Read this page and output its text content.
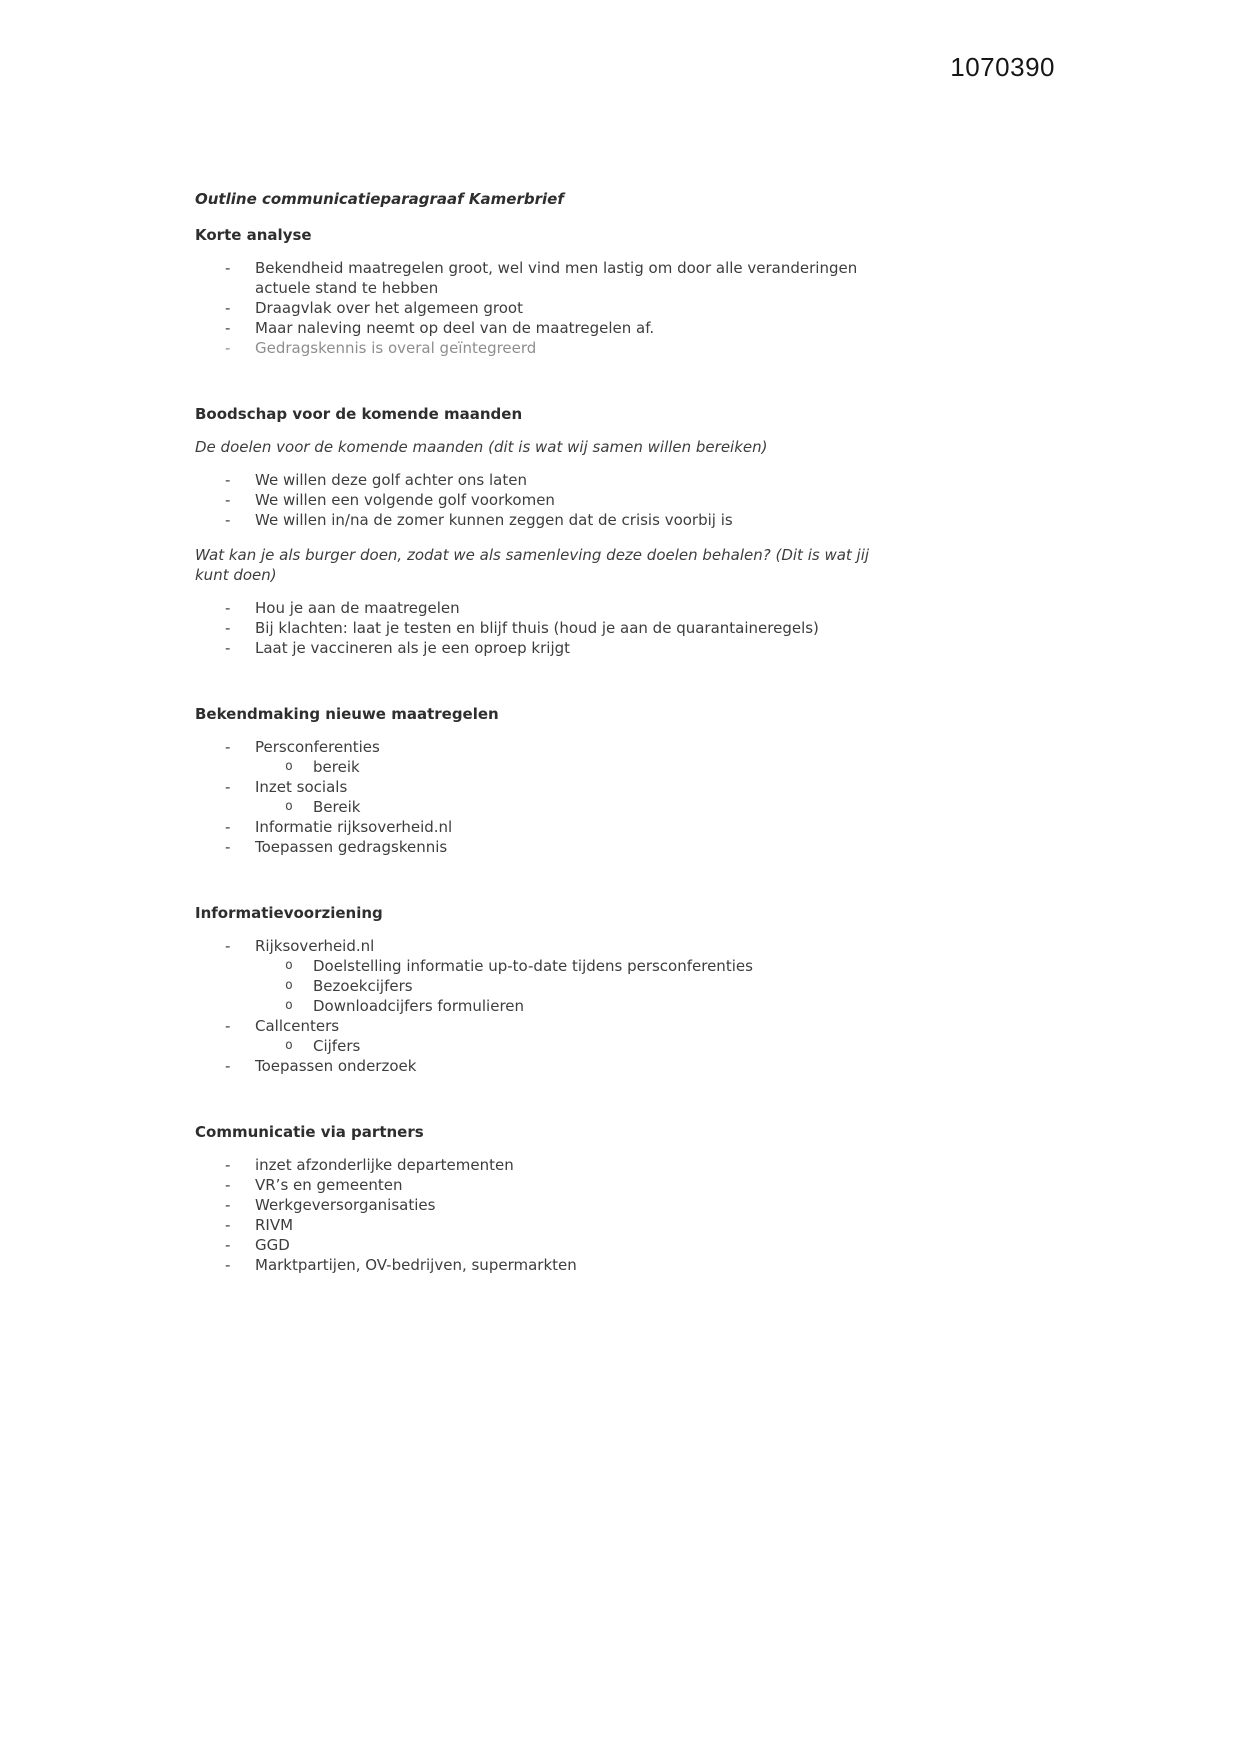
1070390

Outline communicatieparagraaf Kamerbrief

Korte analyse
-
Bekendheid maatregelen groot, wel vind men lastig om door alle veranderingen actuele stand te hebben
-
Draagvlak over het algemeen groot
-
Maar naleving neemt op deel van de maatregelen af.
-
Gedragskennis is overal geïntegreerd
Boodschap voor de komende maanden

De doelen voor de komende maanden (dit is wat wij samen willen bereiken)

-
We willen deze golf achter ons laten
-
We willen een volgende golf voorkomen
-
We willen in/na de zomer kunnen zeggen dat de crisis voorbij is

Wat kan je als burger doen, zodat we als samenleving deze doelen behalen? (Dit is wat jij kunt doen)

-
Hou je aan de maatregelen
-
Bij klachten: laat je testen en blijf thuis (houd je aan de quarantaineregels)
-
Laat je vaccineren als je een oproep krijgt
Bekendmaking nieuwe maatregelen
-
Persconferenties
o
bereik
-
Inzet socials
o
Bereik
-
Informatie rijksoverheid.nl
-
Toepassen gedragskennis
Informatievoorziening
-
Rijksoverheid.nl
o
Doelstelling informatie up-to-date tijdens persconferenties
o
Bezoekcijfers
o
Downloadcijfers formulieren
-
Callcenters
o
Cijfers
-
Toepassen onderzoek
Communicatie via partners
-
inzet afzonderlijke departementen
-
VR’s en gemeenten
-
Werkgeversorganisaties
-
RIVM
-
GGD
-
Marktpartijen, OV-bedrijven, supermarkten
